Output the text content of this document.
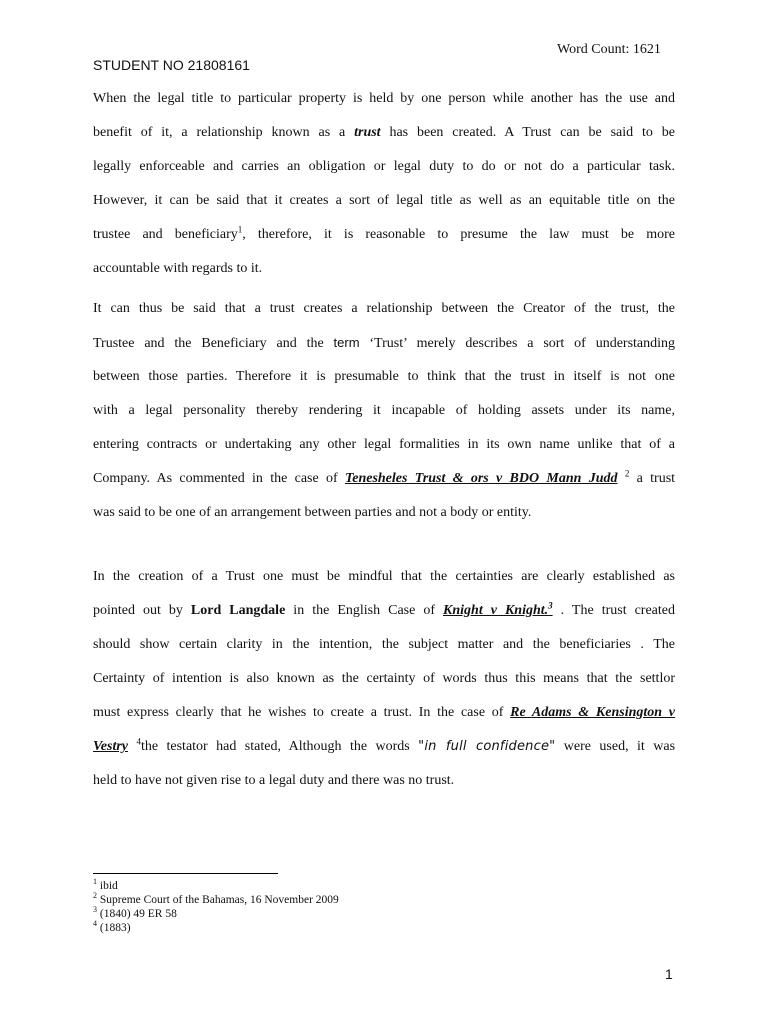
Word Count: 1621
STUDENT NO 21808161
When the legal title to particular property is held by one person while another has the use and
benefit of it, a relationship known as a trust has been created. A Trust can be said to be
legally enforceable and carries an obligation or legal duty to do or not do a particular task.
However, it can be said that it creates a sort of legal title as well as an equitable title on the
trustee and beneficiary$^1$, therefore, it is reasonable to presume the law must be more
accountable with regards to it.
It can thus be said that a trust creates a relationship between the Creator of the trust, the
Trustee and the Beneficiary and the term ‘Trust’ merely describes a sort of understanding
between those parties. Therefore it is presumable to think that the trust in itself is not one
with a legal personality thereby rendering it incapable of holding assets under its name,
entering contracts or undertaking any other legal formalities in its own name unlike that of a
Company. As commented in the case of Tenesheles Trust & ors v BDO Mann Judd $^2$ a trust
was said to be one of an arrangement between parties and not a body or entity.
In the creation of a Trust one must be mindful that the certainties are clearly established as
pointed out by Lord Langdale in the English Case of Knight v Knight.$^3$ . The trust created
should show certain clarity in the intention, the subject matter and the beneficiaries . The
Certainty of intention is also known as the certainty of words thus this means that the settlor
must express clearly that he wishes to create a trust. In the case of Re Adams & Kensington v
Vestry $^4$the testator had stated, Although the words "in full confidence" were used, it was
held to have not given rise to a legal duty and there was no trust.
$^1$ ibid
$^2$ Supreme Court of the Bahamas, 16 November 2009
$^3$ (1840) 49 ER 58
$^4$ (1883)
1
